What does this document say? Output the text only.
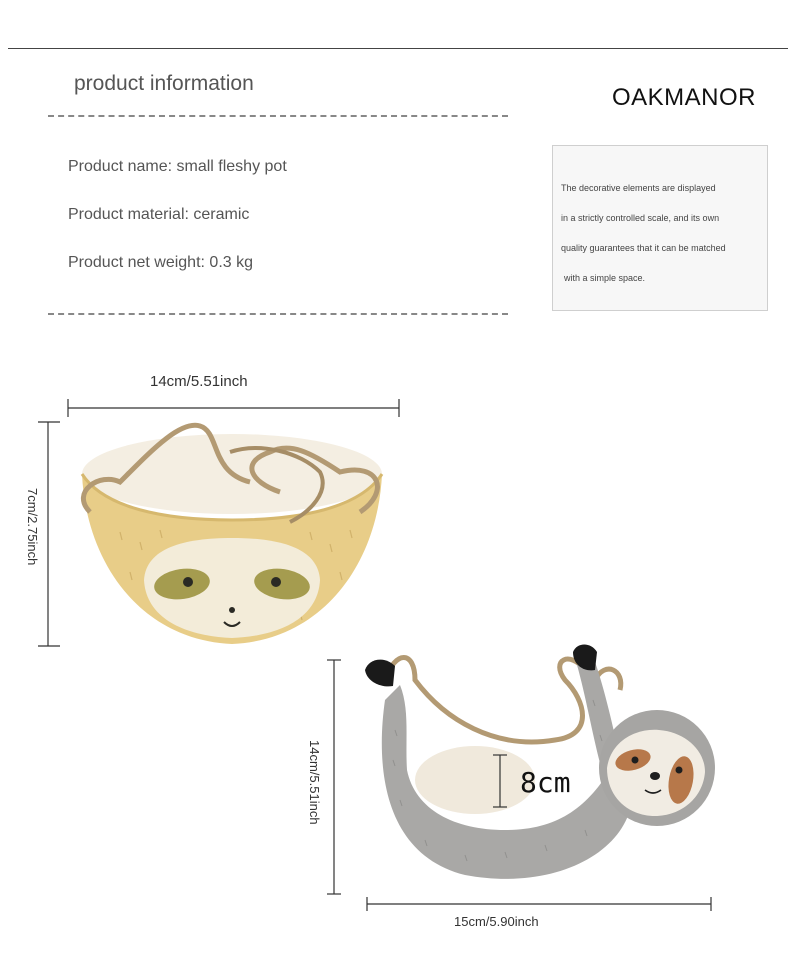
product information
OAKMANOR
Product name: small fleshy pot
Product material: ceramic
Product net weight: 0.3 kg
The decorative elements are displayed
in a strictly controlled scale, and its own
quality guarantees that it can be matched
with a simple space.
14cm/5.51inch
7cm/2.75inch
14cm/5.51inch	8cm
15cm/5.90inch
